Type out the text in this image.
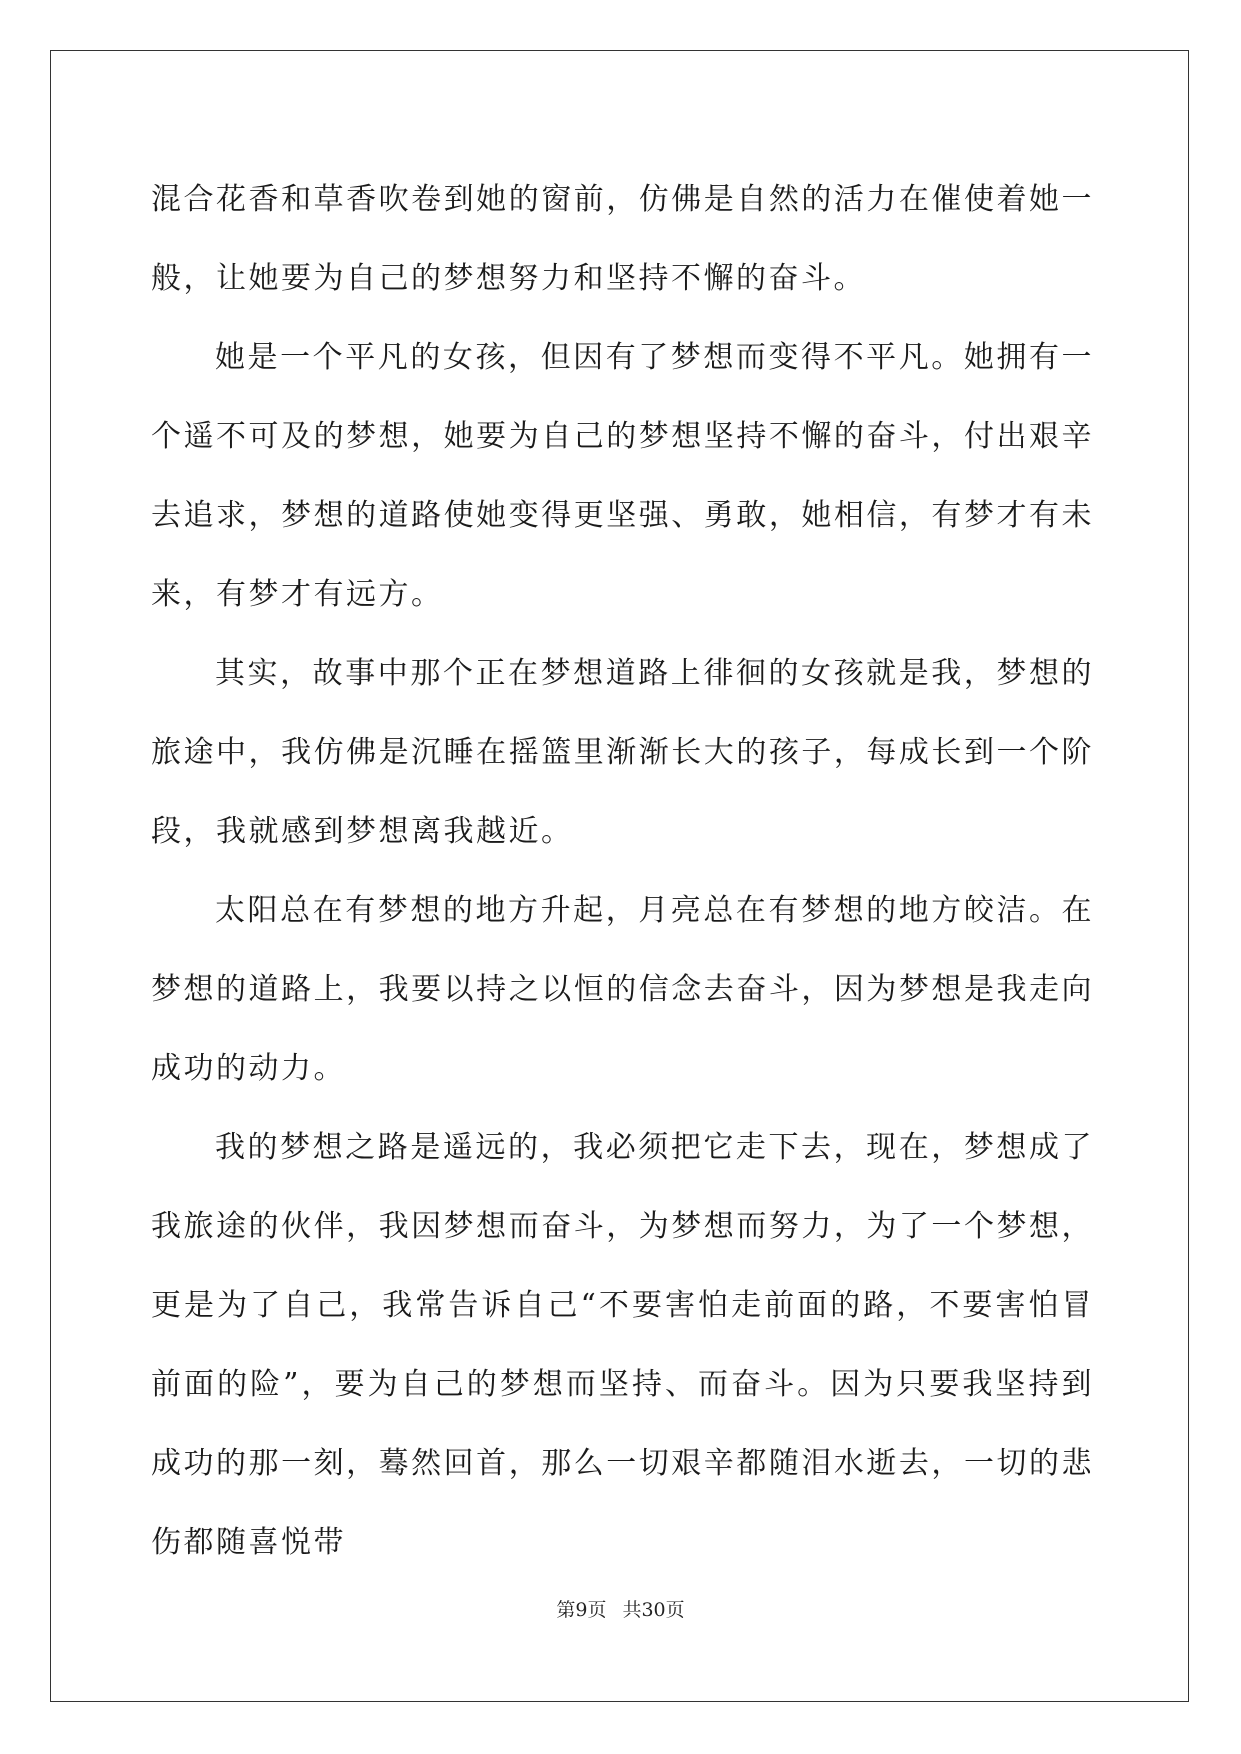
混合花香和草香吹卷到她的窗前，仿佛是自然的活力在催使着她一般，让她要为自己的梦想努力和坚持不懈的奋斗。

她是一个平凡的女孩，但因有了梦想而变得不平凡。她拥有一个遥不可及的梦想，她要为自己的梦想坚持不懈的奋斗，付出艰辛去追求，梦想的道路使她变得更坚强、勇敢，她相信，有梦才有未来，有梦才有远方。

其实，故事中那个正在梦想道路上徘徊的女孩就是我，梦想的旅途中，我仿佛是沉睡在摇篮里渐渐长大的孩子，每成长到一个阶段，我就感到梦想离我越近。

太阳总在有梦想的地方升起，月亮总在有梦想的地方皎洁。在梦想的道路上，我要以持之以恒的信念去奋斗，因为梦想是我走向成功的动力。

我的梦想之路是遥远的，我必须把它走下去，现在，梦想成了我旅途的伙伴，我因梦想而奋斗，为梦想而努力，为了一个梦想，更是为了自己，我常告诉自己“不要害怕走前面的路，不要害怕冒前面的险”，要为自己的梦想而坚持、而奋斗。因为只要我坚持到成功的那一刻，蓦然回首，那么一切艰辛都随泪水逝去，一切的悲伤都随喜悦带

第9页 共30页
